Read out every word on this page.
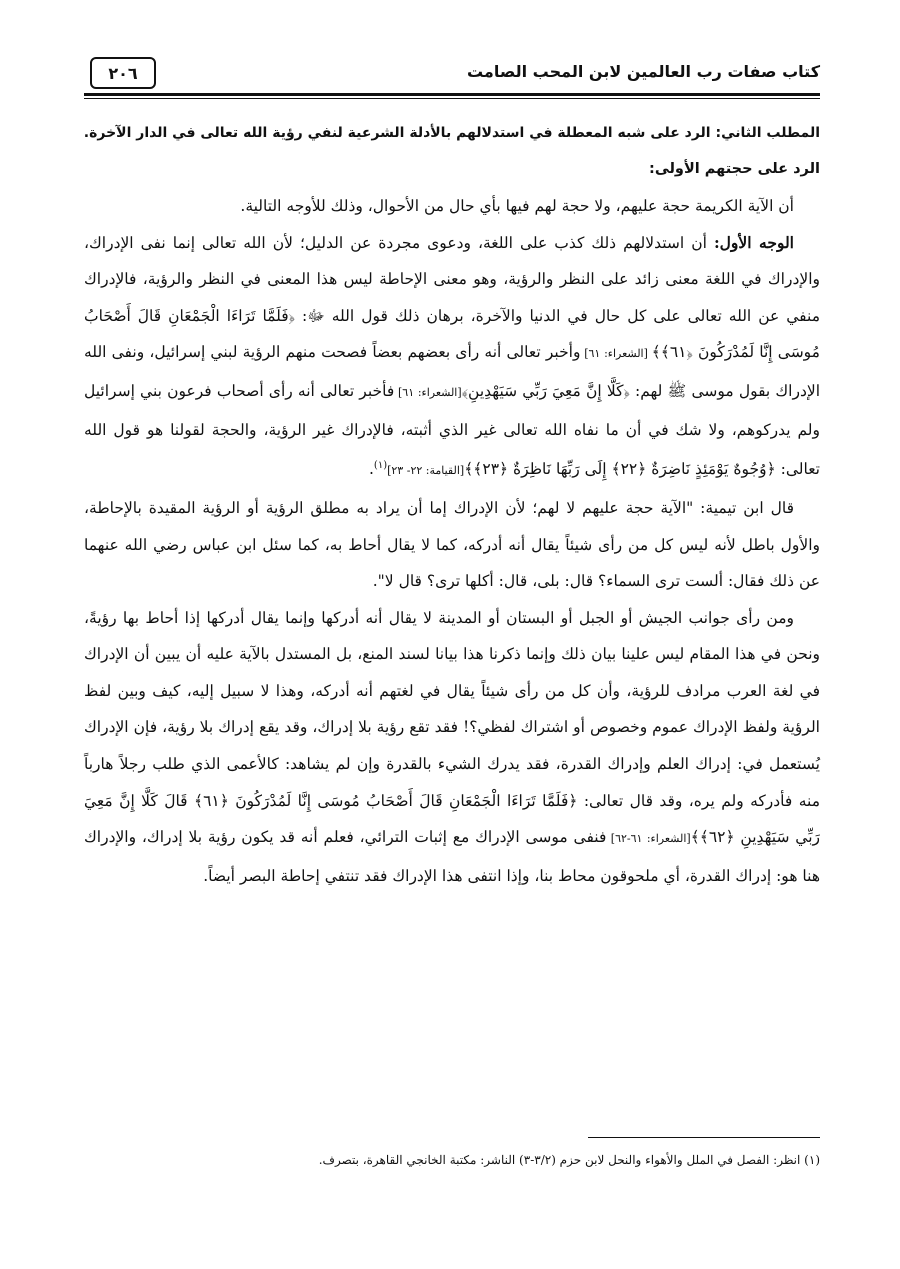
كتاب صفات رب العالمين لابن المحب الصامت
٢٠٦

المطلب الثاني: الرد على شبه المعطلة في استدلالهم بالأدلة الشرعية لنفي رؤية الله تعالى في الدار الآخرة.

الرد على حجتهم الأولى:

أن الآية الكريمة حجة عليهم، ولا حجة لهم فيها بأي حال من الأحوال، وذلك للأوجه التالية.

الوجه الأول: أن استدلالهم ذلك كذب على اللغة، ودعوى مجردة عن الدليل؛ لأن الله تعالى إنما نفى الإدراك، والإدراك في اللغة معنى زائد على النظر والرؤية، وهو معنى الإحاطة ليس هذا المعنى في النظر والرؤية، فالإدراك منفي عن الله تعالى على كل حال في الدنيا والآخرة، برهان ذلك قول الله ﷻ: ﴿فَلَمَّا تَرَاءَا الْجَمْعَانِ قَالَ أَصْحَابُ مُوسَى إِنَّا لَمُدْرَكُونَ ﴿٦١﴾﴾ [الشعراء: ٦١] وأخبر تعالى أنه رأى بعضهم بعضاً فصحت منهم الرؤية لبني إسرائيل، ونفى الله الإدراك بقول موسى ﷺ لهم: ﴿كَلَّا إِنَّ مَعِيَ رَبِّي سَيَهْدِينِ﴾[الشعراء: ٦١] فأخبر تعالى أنه رأى أصحاب فرعون بني إسرائيل ولم يدركوهم، ولا شك في أن ما نفاه الله تعالى غير الذي أثبته، فالإدراك غير الرؤية، والحجة لقولنا هو قول الله تعالى: ﴿وُجُوهٌ يَوْمَئِذٍ نَاضِرَةٌ ﴿٢٢﴾ إِلَى رَبِّهَا نَاظِرَةٌ ﴿٢٣﴾﴾[القيامة: ٢٢- ٢٣]$^{(١)}$.

قال ابن تيمية: "الآية حجة عليهم لا لهم؛ لأن الإدراك إما أن يراد به مطلق الرؤية أو الرؤية المقيدة بالإحاطة، والأول باطل لأنه ليس كل من رأى شيئاً يقال أنه أدركه، كما لا يقال أحاط به، كما سئل ابن عباس رضي الله عنهما عن ذلك فقال: ألست ترى السماء؟ قال: بلى، قال: أكلها ترى؟ قال لا".

ومن رأى جوانب الجيش أو الجبل أو البستان أو المدينة لا يقال أنه أدركها وإنما يقال أدركها إذا أحاط بها رؤيةً، ونحن في هذا المقام ليس علينا بيان ذلك وإنما ذكرنا هذا بيانا لسند المنع، بل المستدل بالآية عليه أن يبين أن الإدراك في لغة العرب مرادف للرؤية، وأن كل من رأى شيئاً يقال في لغتهم أنه أدركه، وهذا لا سبيل إليه، كيف وبين لفظ الرؤية ولفظ الإدراك عموم وخصوص أو اشتراك لفظي؟! فقد تقع رؤية بلا إدراك، وقد يقع إدراك بلا رؤية، فإن الإدراك يُستعمل في: إدراك العلم وإدراك القدرة، فقد يدرك الشيء بالقدرة وإن لم يشاهد: كالأعمى الذي طلب رجلاً هارباً منه فأدركه ولم يره، وقد قال تعالى: ﴿فَلَمَّا تَرَاءَا الْجَمْعَانِ قَالَ أَصْحَابُ مُوسَى إِنَّا لَمُدْرَكُونَ ﴿٦١﴾ قَالَ كَلَّا إِنَّ مَعِيَ رَبِّي سَيَهْدِينِ ﴿٦٢﴾﴾[الشعراء: ٦١-٦٢] فنفى موسى الإدراك مع إثبات الترائي، فعلم أنه قد يكون رؤية بلا إدراك، والإدراك هنا هو: إدراك القدرة، أي ملحوقون محاط بنا، وإذا انتفى هذا الإدراك فقد تنتفي إحاطة البصر أيضاً.

(١) انظر: الفصل في الملل والأهواء والنحل لابن حزم (٣/٢-٣) الناشر: مكتبة الخانجي القاهرة، بتصرف.
